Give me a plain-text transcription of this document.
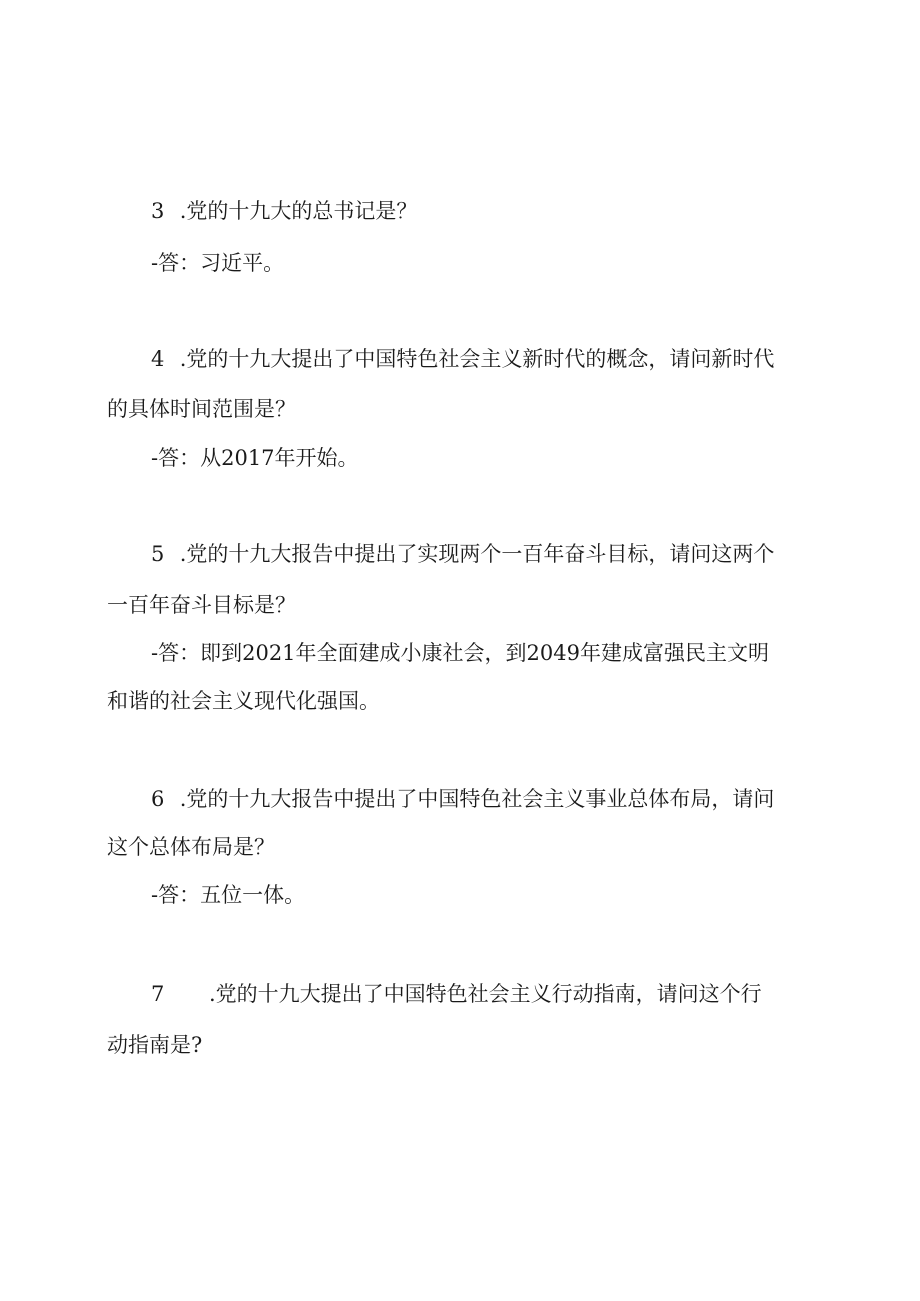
3 .党的十九大的总书记是？
-答：习近平。
4 .党的十九大提出了中国特色社会主义新时代的概念，请问新时代
的具体时间范围是？
-答：从2017年开始。
5 .党的十九大报告中提出了实现两个一百年奋斗目标，请问这两个
一百年奋斗目标是？
-答：即到2021年全面建成小康社会，到2049年建成富强民主文明
和谐的社会主义现代化强国。
6 .党的十九大报告中提出了中国特色社会主义事业总体布局，请问
这个总体布局是？
-答：五位一体。
7 .党的十九大提出了中国特色社会主义行动指南，请问这个行
动指南是?
